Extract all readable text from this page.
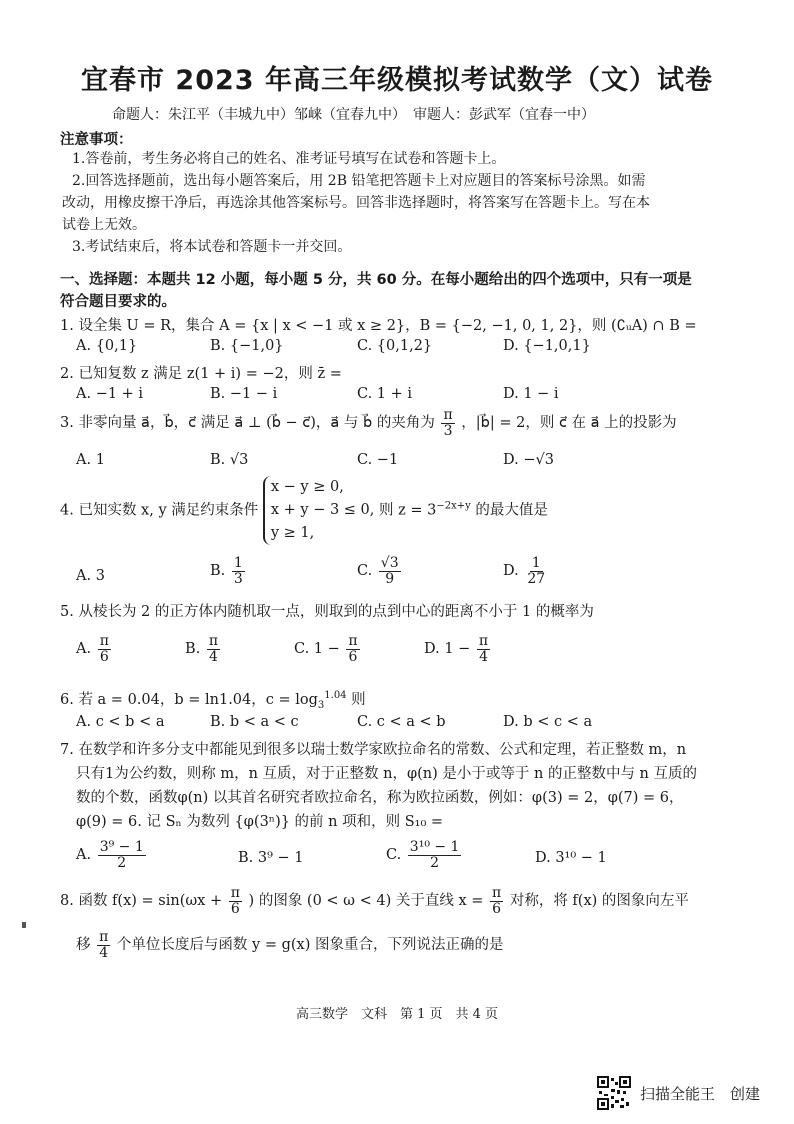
宜春市 2023 年高三年级模拟考试数学（文）试卷
命题人：朱江平（丰城九中）邹崃（宜春九中）　审题人：彭武军（宜春一中）
注意事项：
1.答卷前，考生务必将自己的姓名、准考证号填写在试卷和答题卡上。
2.回答选择题前，选出每小题答案后，用 2B 铅笔把答题卡上对应题目的答案标号涂黑。如需
改动，用橡皮擦干净后，再选涂其他答案标号。回答非选择题时，将答案写在答题卡上。写在本
试卷上无效。
3.考试结束后，将本试卷和答题卡一并交回。
一、选择题：本题共 12 小题，每小题 5 分，共 60 分。在每小题给出的四个选项中，只有一项是
符合题目要求的。
1. 设全集 U = R，集合 A = {x | x < −1 或 x ≥ 2}，B = {−2, −1, 0, 1, 2}，则 (∁ᵤA) ∩ B =
A. {0,1}	B. {−1,0}	C. {0,1,2}	D. {−1,0,1}
2. 已知复数 z 满足 z(1 + i) = −2，则 z̄ =
A. −1 + i	B. −1 − i	C. 1 + i	D. 1 − i
3. 非零向量 a⃗，b⃗，c⃗ 满足 a⃗ ⊥ (b⃗ − c⃗)，a⃗ 与 b⃗ 的夹角为 $\frac{\pi}{3}$ ，|b⃗| = 2，则 c⃗ 在 a⃗ 上的投影为
A. 1	B. √3	C. −1	D. −√3
4. 已知实数 x, y 满足约束条件
x − y ≥ 0,
x + y − 3 ≤ 0,
y ≥ 1,
则 $z = 3^{-2x+y}$ 的最大值是
A. 3	B. $\frac{1}{3}$	C. $\frac{√3}{9}$	D. $\frac{1}{27}$
5. 从棱长为 2 的正方体内随机取一点，则取到的点到中心的距离不小于 1 的概率为
A. $\frac{\pi}{6}$	B. $\frac{\pi}{4}$	C. $1 - \frac{\pi}{6}$	D. $1 - \frac{\pi}{4}$
6. 若 a = 0.04，b = ln1.04，$c = \log_3^{1.04}$ 则
A. c < b < a	B. b < a < c	C. c < a < b	D. b < c < a
7. 在数学和许多分支中都能见到很多以瑞士数学家欧拉命名的常数、公式和定理，若正整数 m，n
只有1为公约数，则称 m，n 互质，对于正整数 n，φ(n) 是小于或等于 n 的正整数中与 n 互质的
数的个数，函数φ(n) 以其首名研究者欧拉命名，称为欧拉函数，例如：φ(3) = 2，φ(7) = 6，
φ(9) = 6. 记 Sₙ 为数列 {φ(3ⁿ)} 的前 n 项和，则 S₁₀ =
A. $\frac{\text{3⁹ − 1}}{2}$	B. 3⁹ − 1	C. $\frac{\text{3¹⁰ − 1}}{2}$	D. 3¹⁰ − 1
8. 函数 $f(x) = \sin(\omega x + \frac{\pi}{6}$ ) 的图象 (0 < ω < 4) 关于直线 $x = \frac{\pi}{6}$ 对称，将 f(x) 的图象向左平
移 $\frac{\pi}{4}$ 个单位长度后与函数 y = g(x) 图象重合，下列说法正确的是
高三数学　文科　第 1 页　共 4 页
扫描全能王　创建
